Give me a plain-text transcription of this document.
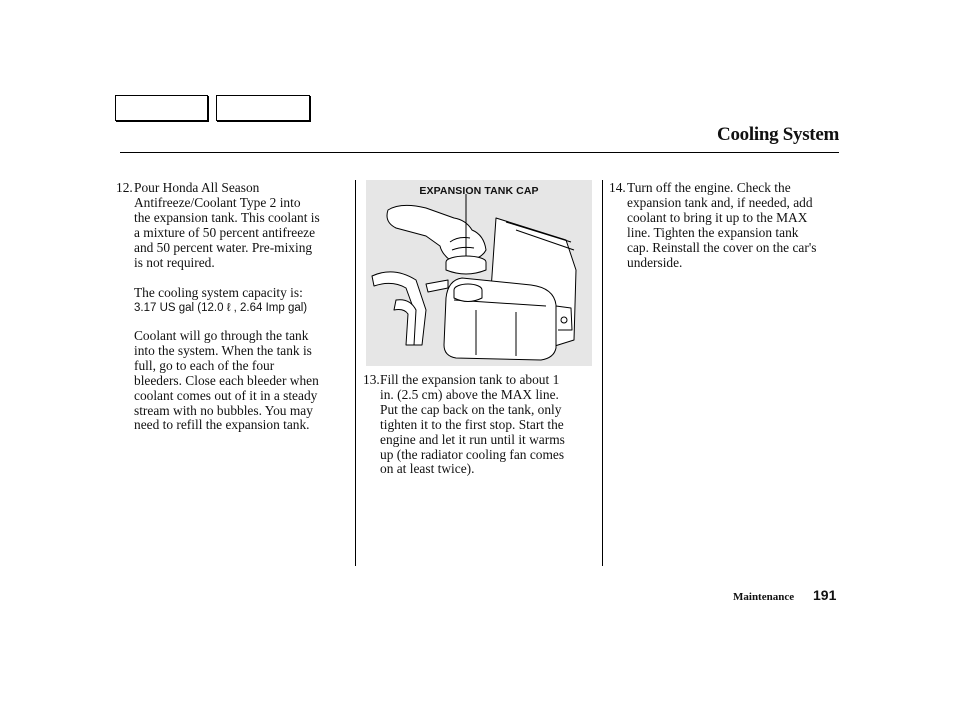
Cooling System
12. Pour Honda All Season
Antifreeze/Coolant Type 2 into
the expansion tank. This coolant is
a mixture of 50 percent antifreeze
and 50 percent water. Pre-mixing
is not required.
The cooling system capacity is:
3.17 US gal (12.0 ℓ , 2.64 Imp gal)
Coolant will go through the tank
into the system. When the tank is
full, go to each of the four
bleeders. Close each bleeder when
coolant comes out of it in a steady
stream with no bubbles. You may
need to refill the expansion tank.
EXPANSION TANK CAP
13. Fill the expansion tank to about 1
in. (2.5 cm) above the MAX line.
Put the cap back on the tank, only
tighten it to the first stop. Start the
engine and let it run until it warms
up (the radiator cooling fan comes
on at least twice).
14. Turn off the engine. Check the
expansion tank and, if needed, add
coolant to bring it up to the MAX
line. Tighten the expansion tank
cap. Reinstall the cover on the car's
underside.
Maintenance 191
